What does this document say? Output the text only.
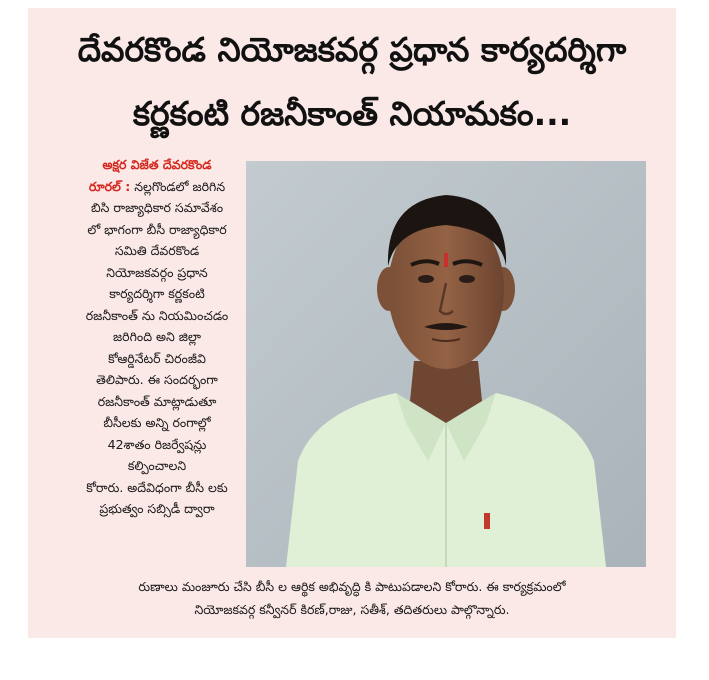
దేవరకొండ నియోజకవర్గ ప్రధాన కార్యదర్శిగా
కర్ణకంటి రజనీకాంత్ నియామకం...
అక్షర విజేత దేవరకొండ
రూరల్ : నల్లగొండలో జరిగిన
బిసి రాజ్యాధికార సమావేశం
లో భాగంగా బీసీ రాజ్యాధికార
సమితి దేవరకొండ
నియోజకవర్గం ప్రధాన
కార్యదర్శిగా కర్ణకంటి
రజనీకాంత్ ను నియమించడం
జరిగింది అని జిల్లా
కోఆర్డినేటర్ చిరంజీవి
తెలిపారు. ఈ సందర్భంగా
రజనీకాంత్ మాట్లాడుతూ
బీసీలకు అన్ని రంగాల్లో
42శాతం రిజర్వేషన్లు
కల్పించాలని
కోరారు. అదేవిధంగా బీసీ లకు
ప్రభుత్వం సబ్సిడీ ద్వారా
రుణాలు మంజూరు చేసి బీసీ ల ఆర్థిక అభివృద్ధి కి పాటుపడాలని కోరారు. ఈ కార్యక్రమంలో
నియోజకవర్గ కన్వీనర్ కిరణ్,రాజు, సతీశ్, తదితరులు పాల్గొన్నారు.
